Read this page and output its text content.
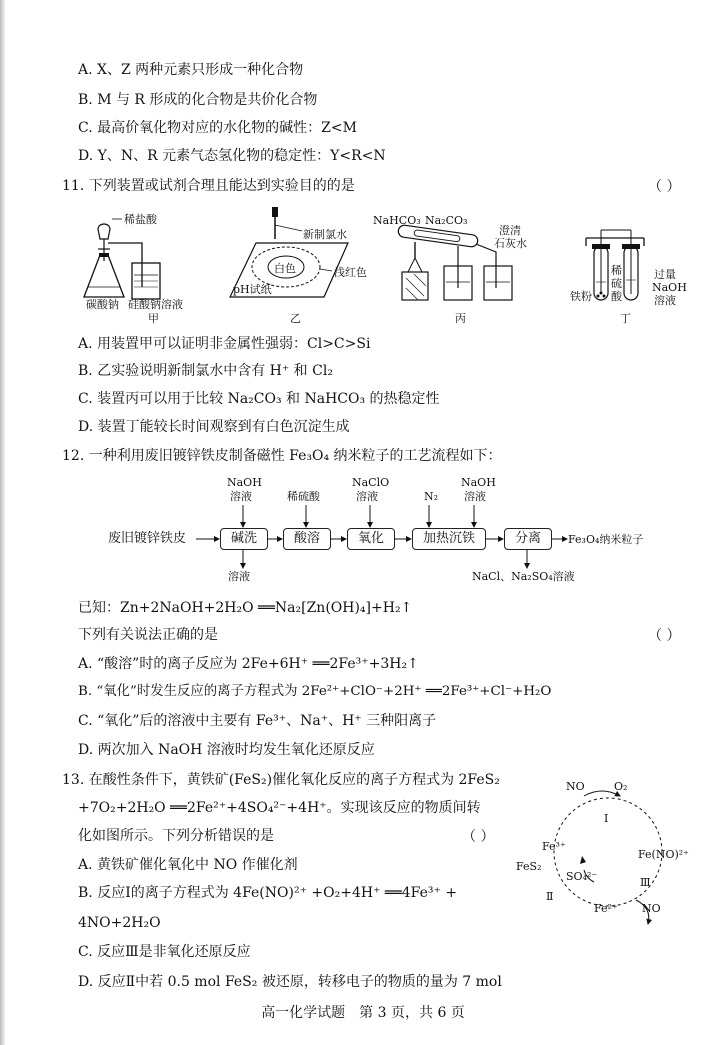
A. X、Z 两种元素只形成一种化合物
B. M 与 R 形成的化合物是共价化合物
C. 最高价氧化物对应的水化物的碱性：Z<M
D. Y、N、R 元素气态氢化物的稳定性：Y<R<N
11. 下列装置或试剂合理且能达到实验目的的是	（ ）
稀盐酸
碳酸钠 硅酸钠溶液
甲
新制氯水
白色	浅红色
pH试纸
乙
NaHCO₃ Na₂CO₃
澄清
石灰水
丙
铁粉
稀
硫
酸
过量
NaOH
溶液
丁
A. 用装置甲可以证明非金属性强弱：Cl>C>Si
B. 乙实验说明新制氯水中含有 H⁺ 和 Cl₂
C. 装置丙可以用于比较 Na₂CO₃ 和 NaHCO₃ 的热稳定性
D. 装置丁能较长时间观察到有白色沉淀生成
12. 一种利用废旧镀锌铁皮制备磁性 Fe₃O₄ 纳米粒子的工艺流程如下：
NaOH
溶液	稀硫酸
NaClO
溶液	N₂
NaOH
溶液
废旧镀锌铁皮	碱洗	酸溶	氧化	加热沉铁	分离	Fe₃O₄纳米粒子
溶液	NaCl、Na₂SO₄溶液
已知：Zn+2NaOH+2H₂O ══Na₂[Zn(OH)₄]+H₂↑
下列有关说法正确的是	（ ）
A. “酸溶”时的离子反应为 2Fe+6H⁺ ══2Fe³⁺+3H₂↑
B. “氧化”时发生反应的离子方程式为 2Fe²⁺+ClO⁻+2H⁺ ══2Fe³⁺+Cl⁻+H₂O
C. “氧化”后的溶液中主要有 Fe³⁺、Na⁺、H⁺ 三种阳离子
D. 两次加入 NaOH 溶液时均发生氧化还原反应
13. 在酸性条件下，黄铁矿(FeS₂)催化氧化反应的离子方程式为 2FeS₂
+7O₂+2H₂O ══2Fe²⁺+4SO₄²⁻+4H⁺。实现该反应的物质间转
化如图所示。下列分析错误的是	（ ）
A. 黄铁矿催化氧化中 NO 作催化剂
B. 反应Ⅰ的离子方程式为 4Fe(NO)²⁺ +O₂+4H⁺ ══4Fe³⁺ +
4NO+2H₂O
C. 反应Ⅲ是非氧化还原反应
D. 反应Ⅱ中若 0.5 mol FeS₂ 被还原，转移电子的物质的量为 7 mol
NO	O₂
Ⅰ
Fe³⁺
Fe(NO)²⁺
FeS₂
SO₄²⁻
Ⅱ
Ⅲ
Fe²⁺ NO
高一化学试题　第 3 页，共 6 页
